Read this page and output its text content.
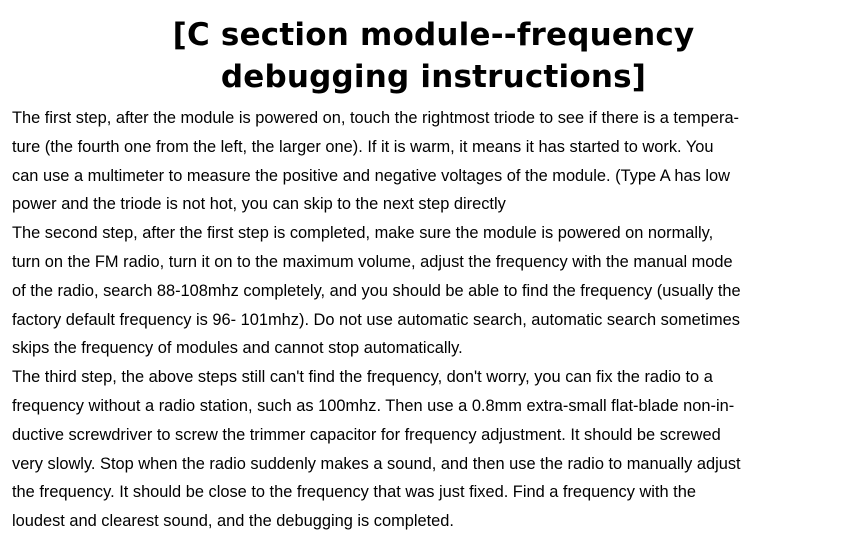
[C section module--frequency
debugging instructions]
The first step, after the module is powered on, touch the rightmost triode to see if there is a tempera-
ture (the fourth one from the left, the larger one). If it is warm, it means it has started to work. You
can use a multimeter to measure the positive and negative voltages of the module. (Type A has low
power and the triode is not hot, you can skip to the next step directly
The second step, after the first step is completed, make sure the module is powered on normally,
turn on the FM radio, turn it on to the maximum volume, adjust the frequency with the manual mode
of the radio, search 88-108mhz completely, and you should be able to find the frequency (usually the
factory default frequency is 96- 101mhz). Do not use automatic search, automatic search sometimes
skips the frequency of modules and cannot stop automatically.
The third step, the above steps still can't find the frequency, don't worry, you can fix the radio to a
frequency without a radio station, such as 100mhz. Then use a 0.8mm extra-small flat-blade non-in-
ductive screwdriver to screw the trimmer capacitor for frequency adjustment. It should be screwed
very slowly. Stop when the radio suddenly makes a sound, and then use the radio to manually adjust
the frequency. It should be close to the frequency that was just fixed. Find a frequency with the
loudest and clearest sound, and the debugging is completed.
